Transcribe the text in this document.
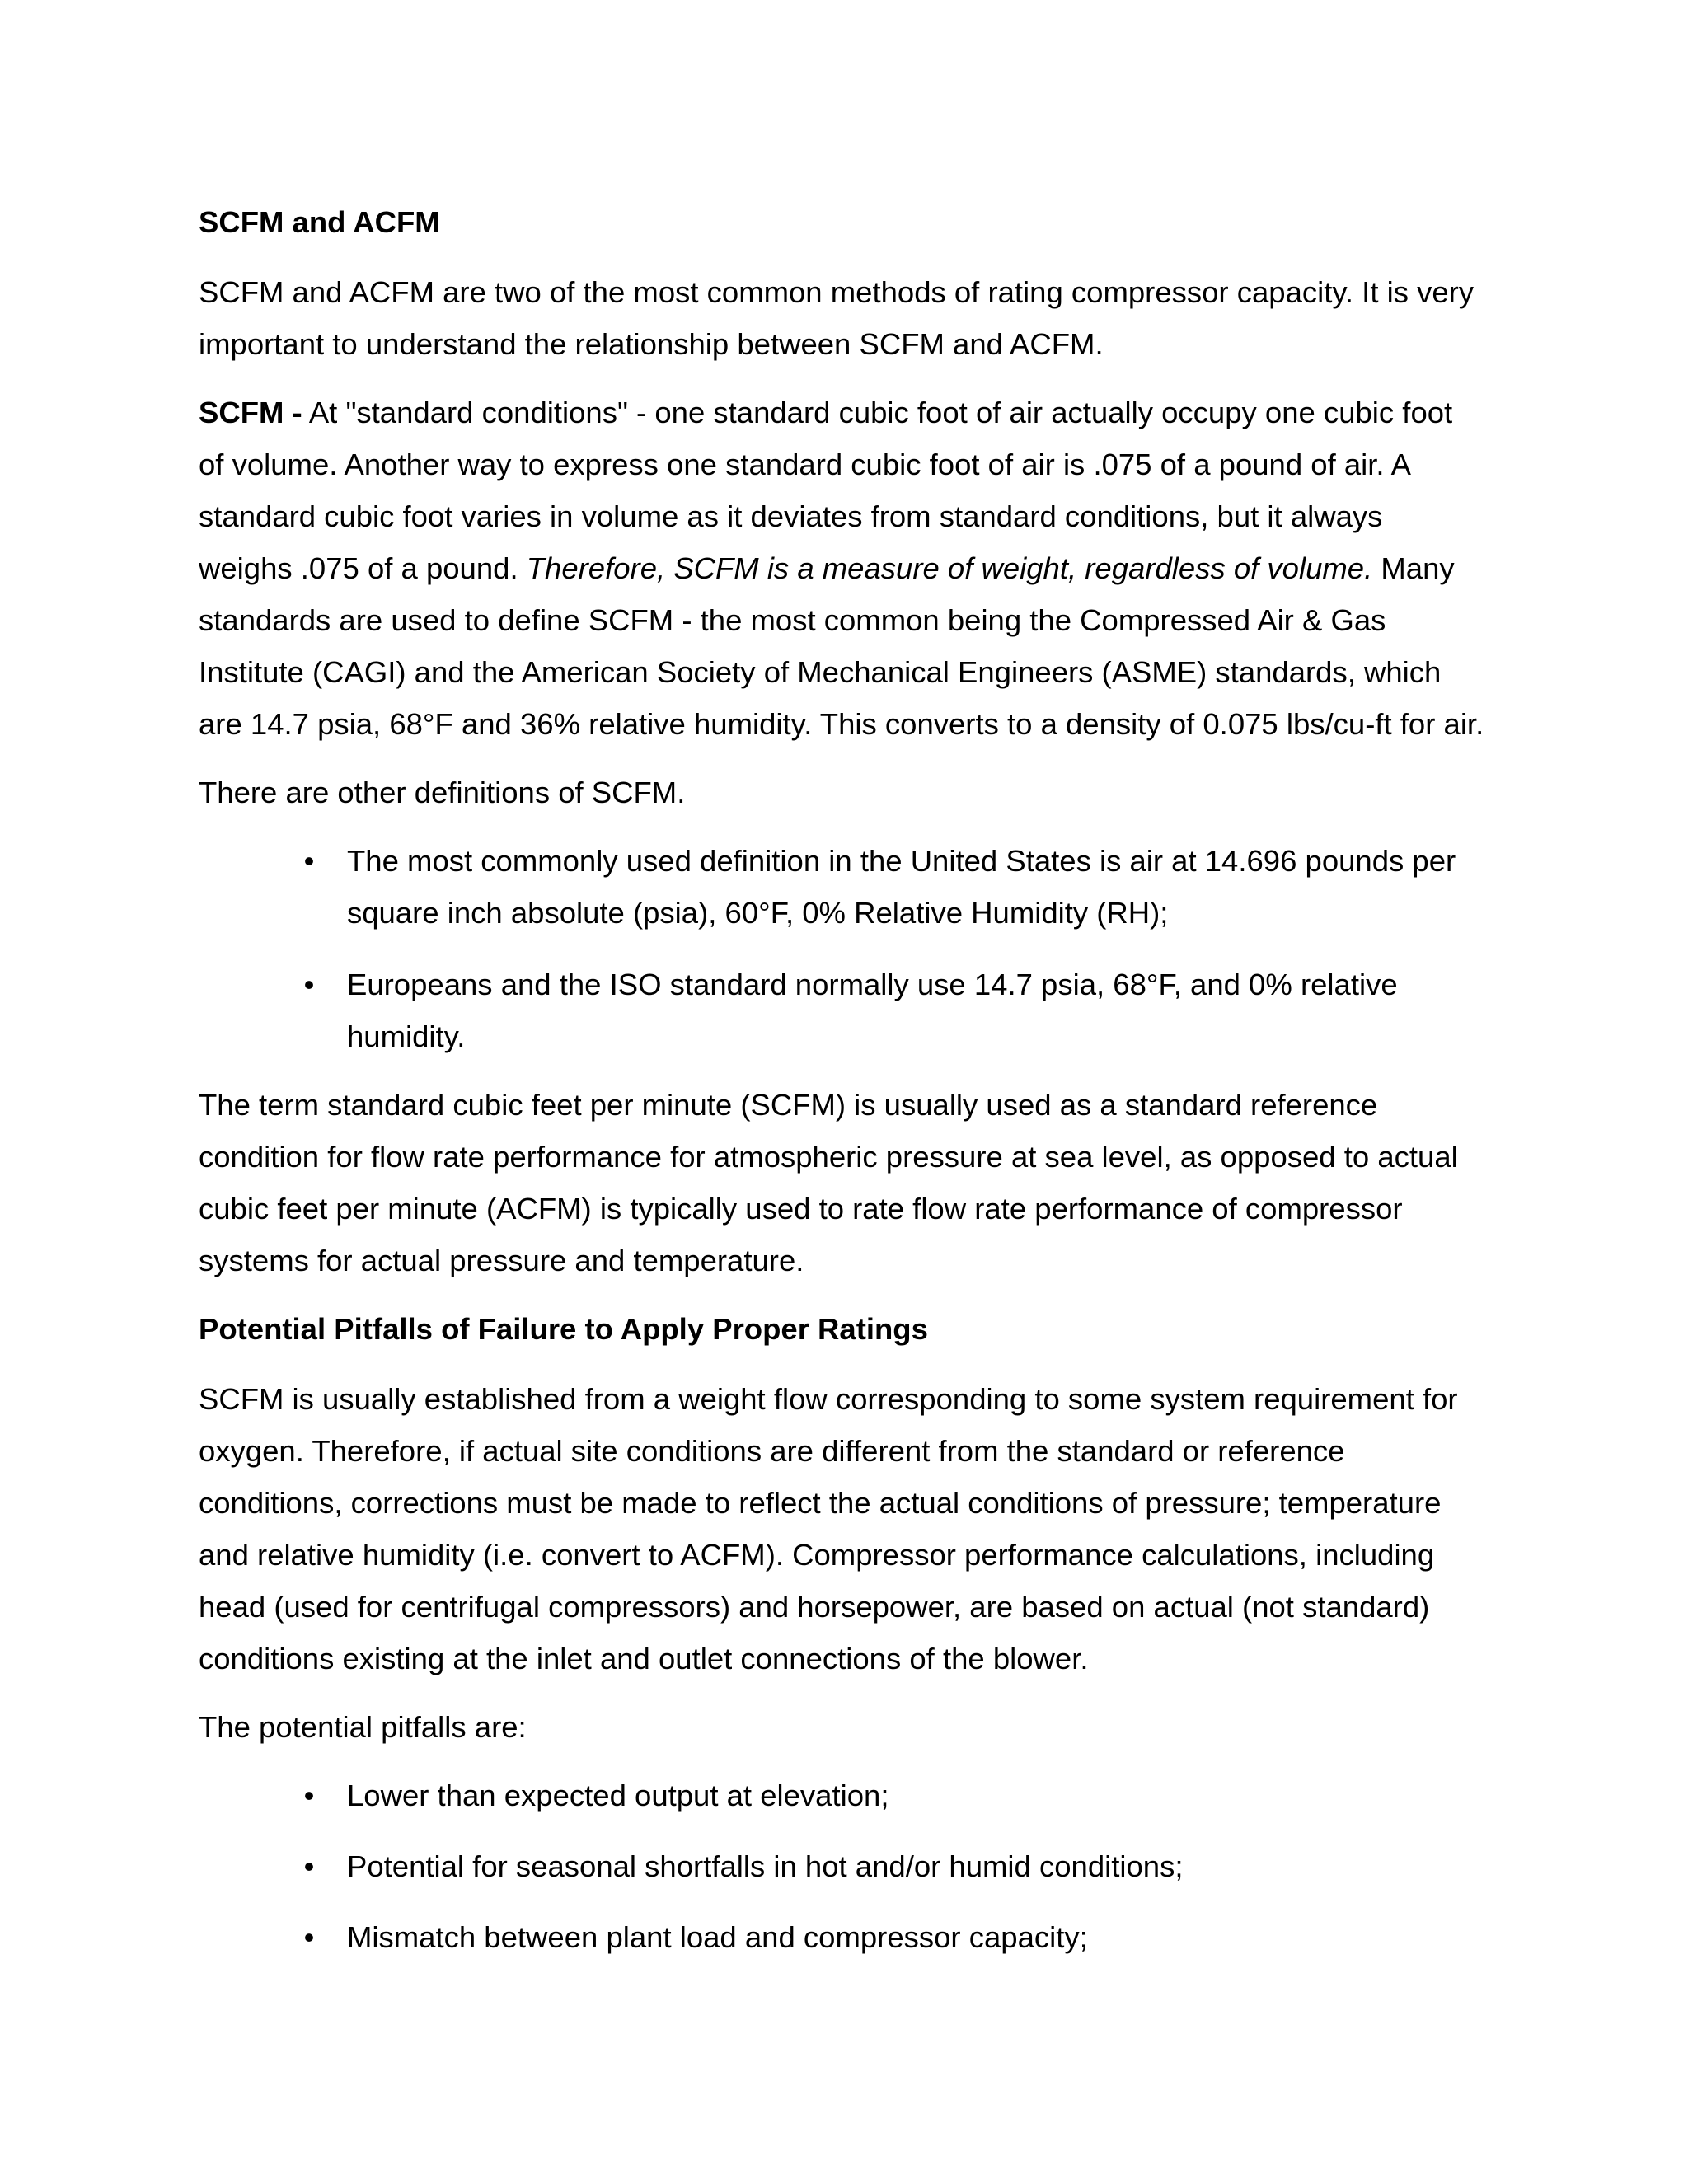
SCFM and ACFM

SCFM and ACFM are two of the most common methods of rating compressor capacity. It is very important to understand the relationship between SCFM and ACFM.

SCFM - At "standard conditions" - one standard cubic foot of air actually occupy one cubic foot of volume. Another way to express one standard cubic foot of air is .075 of a pound of air. A standard cubic foot varies in volume as it deviates from standard conditions, but it always weighs .075 of a pound. Therefore, SCFM is a measure of weight, regardless of volume. Many standards are used to define SCFM - the most common being the Compressed Air & Gas Institute (CAGI) and the American Society of Mechanical Engineers (ASME) standards, which are 14.7 psia, 68°F and 36% relative humidity. This converts to a density of 0.075 lbs/cu-ft for air.

There are other definitions of SCFM.

• The most commonly used definition in the United States is air at 14.696 pounds per square inch absolute (psia), 60°F, 0% Relative Humidity (RH);
• Europeans and the ISO standard normally use 14.7 psia, 68°F, and 0% relative humidity.

The term standard cubic feet per minute (SCFM) is usually used as a standard reference condition for flow rate performance for atmospheric pressure at sea level, as opposed to actual cubic feet per minute (ACFM) is typically used to rate flow rate performance of compressor systems for actual pressure and temperature.

Potential Pitfalls of Failure to Apply Proper Ratings

SCFM is usually established from a weight flow corresponding to some system requirement for oxygen. Therefore, if actual site conditions are different from the standard or reference conditions, corrections must be made to reflect the actual conditions of pressure; temperature and relative humidity (i.e. convert to ACFM). Compressor performance calculations, including head (used for centrifugal compressors) and horsepower, are based on actual (not standard) conditions existing at the inlet and outlet connections of the blower.

The potential pitfalls are:

• Lower than expected output at elevation;
• Potential for seasonal shortfalls in hot and/or humid conditions;
• Mismatch between plant load and compressor capacity;
